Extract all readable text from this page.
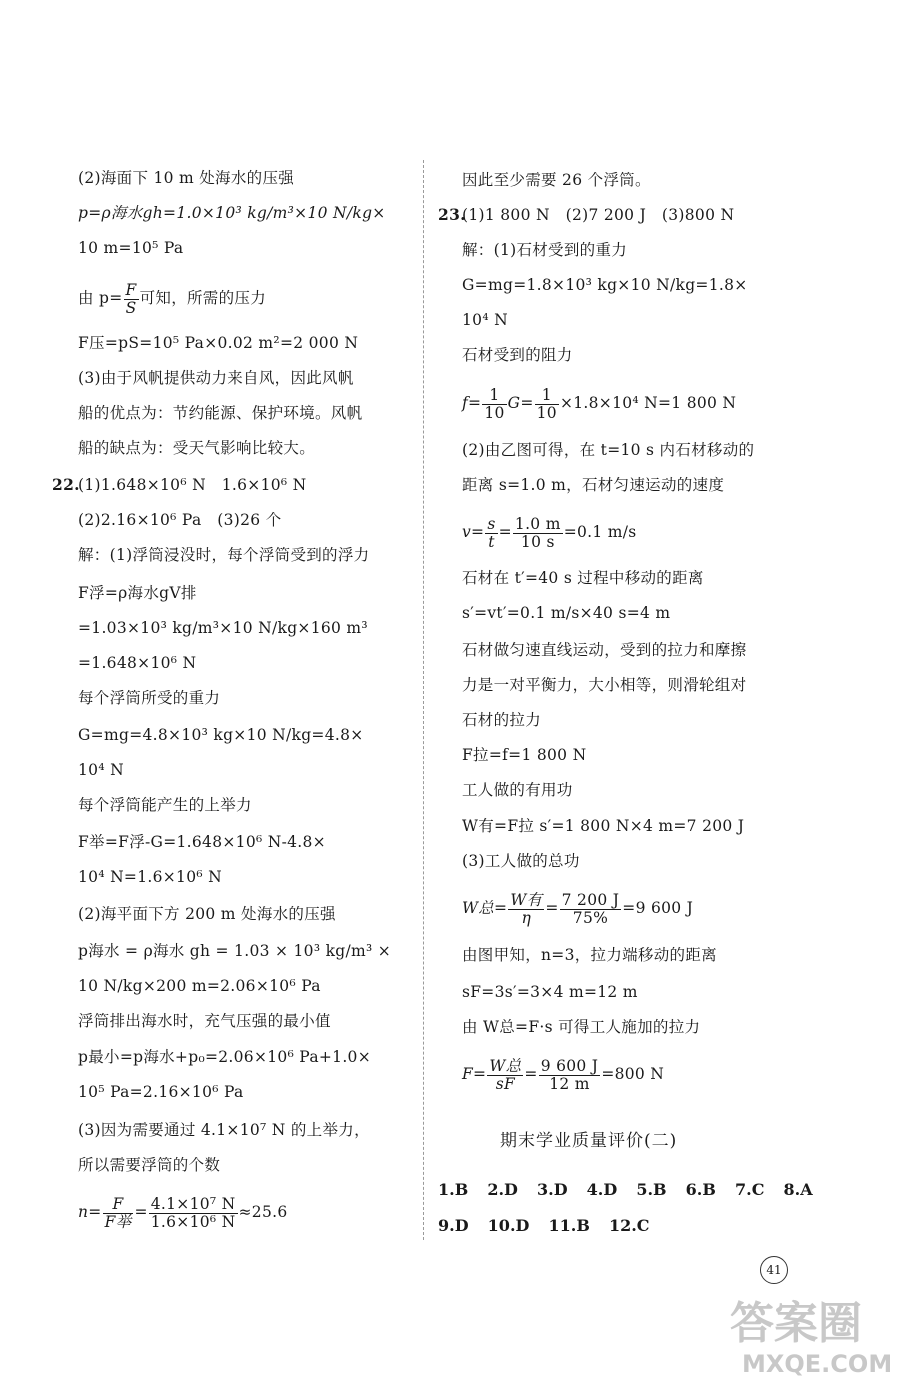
(2)海面下 10 m 处海水的压强
p=ρ海水gh=1.0×10³ kg/m³×10 N/kg×
10 m=10⁵ Pa
由 $p= \frac{F}{S}$ 可知，所需的压力
F压=pS=10⁵ Pa×0.02 m²=2 000 N
(3)由于风帆提供动力来自风，因此风帆
船的优点为：节约能源、保护环境。风帆
船的缺点为：受天气影响比较大。
22.
(1)1.648×10⁶ N　1.6×10⁶ N
(2)2.16×10⁶ Pa　(3)26 个
解：(1)浮筒浸没时，每个浮筒受到的浮力
F浮=ρ海水gV排
=1.03×10³ kg/m³×10 N/kg×160 m³
=1.648×10⁶ N
每个浮筒所受的重力
G=mg=4.8×10³ kg×10 N/kg=4.8×
10⁴ N
每个浮筒能产生的上举力
F举=F浮-G=1.648×10⁶ N-4.8×
10⁴ N=1.6×10⁶ N
(2)海平面下方 200 m 处海水的压强
p海水 = ρ海水 gh = 1.03 × 10³ kg/m³ ×
10 N/kg×200 m=2.06×10⁶ Pa
浮筒排出海水时，充气压强的最小值
p最小=p海水+p₀=2.06×10⁶ Pa+1.0×
10⁵ Pa=2.16×10⁶ Pa
(3)因为需要通过 4.1×10⁷ N 的上举力，
所以需要浮筒的个数
$n= \frac{F}{\text{F举}} = \frac{\text{4.1×10⁷ N}}{\text{1.6×10⁶ N}} \approx 25.6$
因此至少需要 26 个浮筒。
23.
(1)1 800 N　(2)7 200 J　(3)800 N
解：(1)石材受到的重力
G=mg=1.8×10³ kg×10 N/kg=1.8×
10⁴ N
石材受到的阻力
$f= \frac{1}{10} G= \frac{1}{10} \times 1.8\times 10^4$ N=1 800 N
(2)由乙图可得，在 t=10 s 内石材移动的
距离 s=1.0 m，石材匀速运动的速度
$v= \frac{s}{t} = \frac{1.0 m}{10 s} =0.1$ m/s
石材在 t′=40 s 过程中移动的距离
s′=vt′=0.1 m/s×40 s=4 m
石材做匀速直线运动，受到的拉力和摩擦
力是一对平衡力，大小相等，则滑轮组对
石材的拉力
F拉=f=1 800 N
工人做的有用功
W有=F拉 s′=1 800 N×4 m=7 200 J
(3)工人做的总功
W总= $\frac{\text{W有}}{\eta} = \frac{7 200 J}{75\%} =9$ 600 J
由图甲知，n=3，拉力端移动的距离
sF=3s′=3×4 m=12 m
由 W总=F·s 可得工人施加的拉力
$F= \frac{\text{W总}}{sF} = \frac{9 600 J}{12 m} =800$ N
期末学业质量评价(二)
1.B 2.D 3.D 4.D 5.B 6.B 7.C 8.A
9.D 10.D 11.B 12.C
41
答案圈
MXQE.COM
